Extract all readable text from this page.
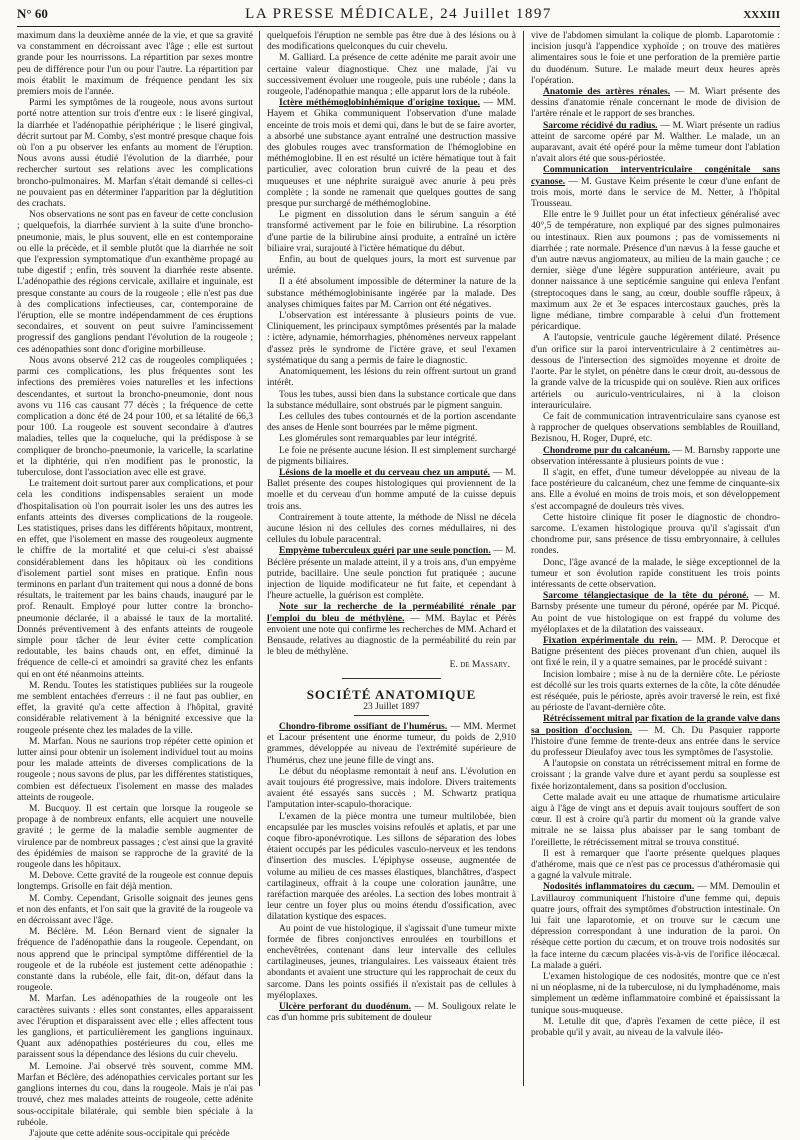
N° 60	LA PRESSE MÉDICALE, 24 Juillet 1897	XXXIII

maximum dans la deuxième année de la vie, et que sa gravité va constamment en décroissant avec l'âge ; elle est surtout grande pour les nourrissons. La répartition par sexes montre peu de différence pour l'un ou pour l'autre. La répartition par mois établit le maximum de fréquence pendant les six premiers mois de l'année.

Parmi les symptômes de la rougeole, nous avons surtout porté notre attention sur trois d'entre eux : le liseré gingival, la diarrhée et l'adénopathie périphérique ; le liseré gingival, décrit surtout par M. Comby, s'est montré presque chaque fois où l'on a pu observer les enfants au moment de l'éruption. Nous avons aussi étudié l'évolution de la diarrhée, pour rechercher surtout ses relations avec les complications broncho-pulmonaires. M. Marfan s'était demandé si celles-ci ne pouvaient pas en déterminer l'apparition par la déglutition des crachats.

Nos observations ne sont pas en faveur de cette conclusion ; quelquefois, la diarrhée survient à la suite d'une broncho-pneumonie, mais, le plus souvent, elle en est contemporaine ou elle la précède, et il semble plutôt que la diarrhée ne soit que l'expression symptomatique d'un exanthème propagé au tube digestif ; enfin, très souvent la diarrhée reste absente. L'adénopathie des régions cervicale, axillaire et inguinale, est presque constante au cours de la rougeole ; elle n'est pas due à des complications infectieuses, car, contemporaine de l'éruption, elle se montre indépendamment de ces éruptions secondaires, et souvent on peut suivre l'amincissement progressif des ganglions pendant l'évolution de la rougeole ; ces adénopathies sont donc d'origine morbilleuse.

Nous avons observé 212 cas de rougeoles compliquées ; parmi ces complications, les plus fréquentes sont les infections des premières voies naturelles et les infections descendantes, et surtout la broncho-pneumonie, dont nous avons vu 116 cas causant 77 décès ; la fréquence de cette complication a donc été de 24 pour 100, et sa létalité de 66,3 pour 100. La rougeole est souvent secondaire à d'autres maladies, telles que la coqueluche, qui la prédispose à se compliquer de broncho-pneumonie, la varicelle, la scarlatine et la diphtérie, qui n'en modifient pas le pronostic, la tuberculose, dont l'association avec elle est grave.

Le traitement doit surtout parer aux complications, et pour cela les conditions indispensables seraient un mode d'hospitalisation où l'on pourrait isoler les uns des autres les enfants atteints des diverses complications de la rougeole. Les statistiques, prises dans les différents hôpitaux, montrent, en effet, que l'isolement en masse des rougeoleux augmente le chiffre de la mortalité et que celui-ci s'est abaissé considérablement dans les hôpitaux où les conditions d'isolement partiel sont mises en pratique. Enfin nous terminons en parlant d'un traitement qui nous a donné de bons résultats, le traitement par les bains chauds, inauguré par le prof. Renault. Employé pour lutter contre la broncho-pneumonie déclarée, il a abaissé le taux de la mortalité. Donnés préventivement à des enfants atteints de rougeole simple pour tâcher de leur éviter cette complication redoutable, les bains chauds ont, en effet, diminué la fréquence de celle-ci et amoindri sa gravité chez les enfants qui en ont été néanmoins atteints.

M. Rendu. Toutes les statistiques publiées sur la rougeole me semblent entachées d'erreurs : il ne faut pas oublier, en effet, la gravité qu'a cette affection à l'hôpital, gravité considérable relativement à la bénignité excessive que la rougeole présente chez les malades de la ville.

M. Marfan. Nous ne saurions trop répéter cette opinion et lutter ainsi pour obtenir un isolement individuel tout au moins pour les malade atteints de diverses complications de la rougeole ; nous savons de plus, par les différentes statistiques, combien est défectueux l'isolement en masse des malades atteints de rougeole.

M. Bucquoy. Il est certain que lorsque la rougeole se propage à de nombreux enfants, elle acquiert une nouvelle gravité ; le germe de la maladie semble augmenter de virulence par de nombreux passages ; c'est ainsi que la gravité des épidémies de maison se rapproche de la gravité de la rougeole dans les hôpitaux.

M. Debove. Cette gravité de la rougeole est connue depuis longtemps. Grisolle en fait déjà mention.

M. Comby. Cependant, Grisolle soignait des jeunes gens et non des enfants, et l'on sait que la gravité de la rougeole va en décroissant avec l'âge.

M. Béclère. M. Léon Bernard vient de signaler la fréquence de l'adénopathie dans la rougeole. Cependant, on nous apprend que le principal symptôme différentiel de la rougeole et de la rubéole est justement cette adénopathie : constante dans la rubéole, elle fait, dit-on, défaut dans la rougeole.

M. Marfan. Les adénopathies de la rougeole ont les caractères suivants : elles sont constantes, elles apparaissent avec l'éruption et disparaissent avec elle ; elles affectent tous les ganglions, et particulièrement les ganglions inguinaux. Quant aux adénopathies postérieures du cou, elles me paraissent sous la dépendance des lésions du cuir chevelu.

M. Lemoine. J'ai observé très souvent, comme MM. Marfan et Béclère, des adénopathies cervicales portant sur les ganglions internes du cou, dans la rougeole. Mais je n'ai pas trouvé, chez mes malades atteints de rougeole, cette adénite sous-occipitale bilatérale, qui semble bien spéciale à la rubéole.

J'ajoute que cette adénite sous-occipitale qui précède

quelquefois l'éruption ne semble pas être due à des lésions ou à des modifications quelconques du cuir chevelu.

M. Galliard. La présence de cette adénite me parait avoir une certaine valeur diagnostique. Chez une malade, j'ai vu successivement évoluer une rougeole, puis une rubéole ; dans la rougeole, l'adénopathie manqua ; elle apparut lors de la rubéole.

Ictère méthémoglobinhémique d'origine toxique. — MM. Hayem et Ghika communiquent l'observation d'une malade enceinte de trois mois et demi qui, dans le but de se faire avorter, a absorbé une substance ayant entraîné une destruction massive des globules rouges avec transformation de l'hémoglobine en méthémoglobine. Il en est résulté un ictère hématique tout à fait particulier, avec coloration brun cuivré de la peau et des muqueuses et une néphrite suraiguë avec anurie à peu près complète ; la sonde ne ramenait que quelques gouttes de sang presque pur surchargé de méthémoglobine.

Le pigment en dissolution dans le sérum sanguin a été transformé activement par le foie en bilirubine. La résorption d'une partie de la bilirubine ainsi produite, a entraîné un ictère biliaire vrai, surajouté à l'ictère hématique du début.

Enfin, au bout de quelques jours, la mort est survenue par urémie.

Il a été absolument impossible de déterminer la nature de la substance méthémoglobinisante ingérée par la malade. Des analyses chimiques faites par M. Carrion ont été négatives.

L'observation est intéressante à plusieurs points de vue. Cliniquement, les principaux symptômes présentés par la malade : ictère, adynamie, hémorrhagies, phénomènes nerveux rappelant d'assez près le syndrome de l'ictère grave, et seul l'examen systématique du sang a permis de faire le diagnostic.

Anatomiquement, les lésions du rein offrent surtout un grand intérêt.

Tous les tubes, aussi bien dans la substance corticale que dans la substance médullaire, sont obstrués par le pigment sanguin.

Les cellules des tubes contournés et de la portion ascendante des anses de Henle sont bourrées par le même pigment.

Les glomérules sont remarquables par leur intégrité.

Le foie ne présente aucune lésion. Il est simplement surchargé de pigments biliaires.

Lésions de la moelle et du cerveau chez un amputé. — M. Ballet présente des coupes histologiques qui proviennent de la moelle et du cerveau d'un homme amputé de la cuisse depuis trois ans.

Contrairement à toute attente, la méthode de Nissl ne décela aucune lésion ni des cellules des cornes médullaires, ni des cellules du lobule paracentral.

Empyème tuberculeux guéri par une seule ponction. — M. Béclère présente un malade atteint, il y a trois ans, d'un empyème putride, bacillaire. Une seule ponction fut pratiquée ; aucune injection de liquide modificateur ne fut faite, et cependant à l'heure actuelle, la guérison est complète.

Note sur la recherche de la perméabilité rénale par l'emploi du bleu de méthylène. — MM. Baylac et Pérès envoient une note qui confirme les recherches de MM. Achard et Bensaude, relatives au diagnostic de la perméabilité du rein par le bleu de méthylène.

E. de Massary.
SOCIÉTÉ ANATOMIQUE
23 Juillet 1897

Chondro-fibrome ossifiant de l'humérus. — MM. Mermet et Lacour présentent une énorme tumeur, du poids de 2,910 grammes, développée au niveau de l'extrémité supérieure de l'humérus, chez une jeune fille de vingt ans.

Le début du néoplasme remontait à neuf ans. L'évolution en avait toujours été progressive, mais indolore. Divers traitements avaient été essayés sans succès ; M. Schwartz pratiqua l'amputation inter-scapulo-thoracique.

L'examen de la pièce montra une tumeur multilobée, bien encapsulée par les muscles voisins refoulés et aplatis, et par une coque fibro-aponévrotique. Les sillons de séparation des lobes étaient occupés par les pédicules vasculo-nerveux et les tendons d'insertion des muscles. L'épiphyse osseuse, augmentée de volume au milieu de ces masses élastiques, blanchâtres, d'aspect cartilagineux, offrait à la coupe une coloration jaunâtre, une raréfaction marquée des aréoles. La section des lobes montrait à leur centre un foyer plus ou moins étendu d'ossification, avec dilatation kystique des espaces.

Au point de vue histologique, il s'agissait d'une tumeur mixte formée de fibres conjonctives enroulées en tourbillons et enchevêtrées, contenant dans leur intervalle des cellules cartilagineuses, jeunes, triangulaires. Les vaisseaux étaient très abondants et avaient une structure qui les rapprochait de ceux du sarcome. Dans les points ossifiés il n'existait pas de cellules à myéloplaxes.

Ulcère perforant du duodénum. — M. Souligoux relate le cas d'un homme pris subitement de douleur

vive de l'abdomen simulant la colique de plomb. Laparotomie : incision jusqu'à l'appendice xyphoïde ; on trouve des matières alimentaires sous le foie et une perforation de la première partie du duodénum. Suture. Le malade meurt deux heures après l'opération.

Anatomie des artères rénales. — M. Wiart présente des dessins d'anatomie rénale concernant le mode de division de l'artère rénale et le rapport de ses branches.

Sarcome récidivé du radius. — M. Wiart présente un radius atteint de sarcome opéré par M. Walther. Le malade, un an auparavant, avait été opéré pour la même tumeur dont l'ablation n'avait alors été que sous-périostée.

Communication interventriculaire congénitale sans cyanose. — M. Gustave Keim présente le cœur d'une enfant de trois mois, morte dans le service de M. Netter, à l'hôpital Trousseau.

Elle entre le 9 Juillet pour un état infectieux généralisé avec 40°,5 de température, non expliqué par des signes pulmonaires ou intestinaux. Rien aux poumons ; pas de vomissements ni diarrhée ; rate normale. Présence d'un nævus à la fesse gauche et d'un autre nævus angiomateux, au milieu de la main gauche ; ce dernier, siège d'une légère suppuration antérieure, avait pu donner naissance à une septicémie sanguine qui enleva l'enfant (streptocoques dans le sang, au cœur, double souffle râpeux, à maximum aux 2e et 3e espaces intercostaux gauches, près la ligne médiane, timbre comparable à celui d'un frottement péricardique.

A l'autopsie, ventricule gauche légèrement dilaté. Présence d'un orifice sur la paroi interventriculaire à 2 centimètres au-dessous de l'intersection des sigmoïdes moyenne et droite de l'aorte. Par le stylet, on pénètre dans le cœur droit, au-dessous de la grande valve de la tricuspide qui on soulève. Rien aux orifices artériels ou auriculo-ventriculaires, ni à la cloison interauriculaire.

Ce fait de communication intraventriculaire sans cyanose est à rapprocher de quelques observations semblables de Rouilland, Bezisnou, H. Roger, Dupré, etc.

Chondrome pur du calcanéum. — M. Barnsby rapporte une observation intéressante à plusieurs points de vue :

Il s'agit, en effet, d'une tumeur développée au niveau de la face postérieure du calcanéum, chez une femme de cinquante-six ans. Elle a évolué en moins de trois mois, et son développement s'est accompagné de douleurs très vives.

Cette histoire clinique fit poser le diagnostic de chondro-sarcome. L'examen histologique prouva qu'il s'agissait d'un chondrome pur, sans présence de tissu embryonnaire, à cellules rondes.

Donc, l'âge avancé de la malade, le siège exceptionnel de la tumeur et son évolution rapide constituent les trois points intéressants de cette observation.

Sarcome télangiectasique de la tête du péroné. — M. Barnsby présente une tumeur du péroné, opérée par M. Picqué. Au point de vue histologique on est frappé du volume des myéloplaxes et de la dilatation des vaisseaux.

Fixation expérimentale du rein. — MM. P. Derocque et Batigne présentent des pièces provenant d'un chien, auquel ils ont fixé le rein, il y a quatre semaines, par le procédé suivant :

Incision lombaire ; mise à nu de la dernière côte. Le périoste est décollé sur les trois quarts externes de la côte, la côte dénudée est réséquée, puis le périoste, après avoir traversé le rein, est fixé au périoste de l'avant-dernière côte.

Rétrécissement mitral par fixation de la grande valve dans sa position d'occlusion. — M. Ch. Du Pasquier rapporte l'histoire d'une femme de trente-deux ans entrée dans le service du professeur Dieulafoy avec tous les symptômes de l'asystolie.

A l'autopsie on constata un rétrécissement mitral en forme de croissant ; la grande valve dure et ayant perdu sa souplesse est fixée horizontalement, dans sa position d'occlusion.

Cette malade avait eu une attaque de rhumatisme articulaire aigu à l'âge de vingt ans et depuis avait toujours souffert de son cœur. Il est à croire qu'à partir du moment où la grande valve mitrale ne se laissa plus abaisser par le sang tombant de l'oreillette, le rétrécissement mitral se trouva constitué.

Il est à remarquer que l'aorte présente quelques plaques d'athérome, mais que ce n'est pas ce processus d'athéromasie qui a gagné la valvule mitrale.

Nodosités inflammatoires du cæcum. — MM. Demoulin et Lavillauroy communiquent l'histoire d'une femme qui, depuis quatre jours, offrait des symptômes d'obstruction intestinale. On lui fait une laparotomie, et on trouve sur le cæcum une dépression correspondant à une induration de la paroi. On résèque cette portion du cæcum, et on trouve trois nodosités sur la face interne du cæcum placées vis-à-vis de l'orifice iléocæcal. La malade a guéri.

L'examen histologique de ces nodosités, montre que ce n'est ni un néoplasme, ni de la tuberculose, ni du lymphadénome, mais simplement un œdème inflammatoire combiné et épaississant la tunique sous-muqueuse.

M. Letulle dit que, d'après l'examen de cette pièce, il est probable qu'il y avait, au niveau de la valvule iléo-
